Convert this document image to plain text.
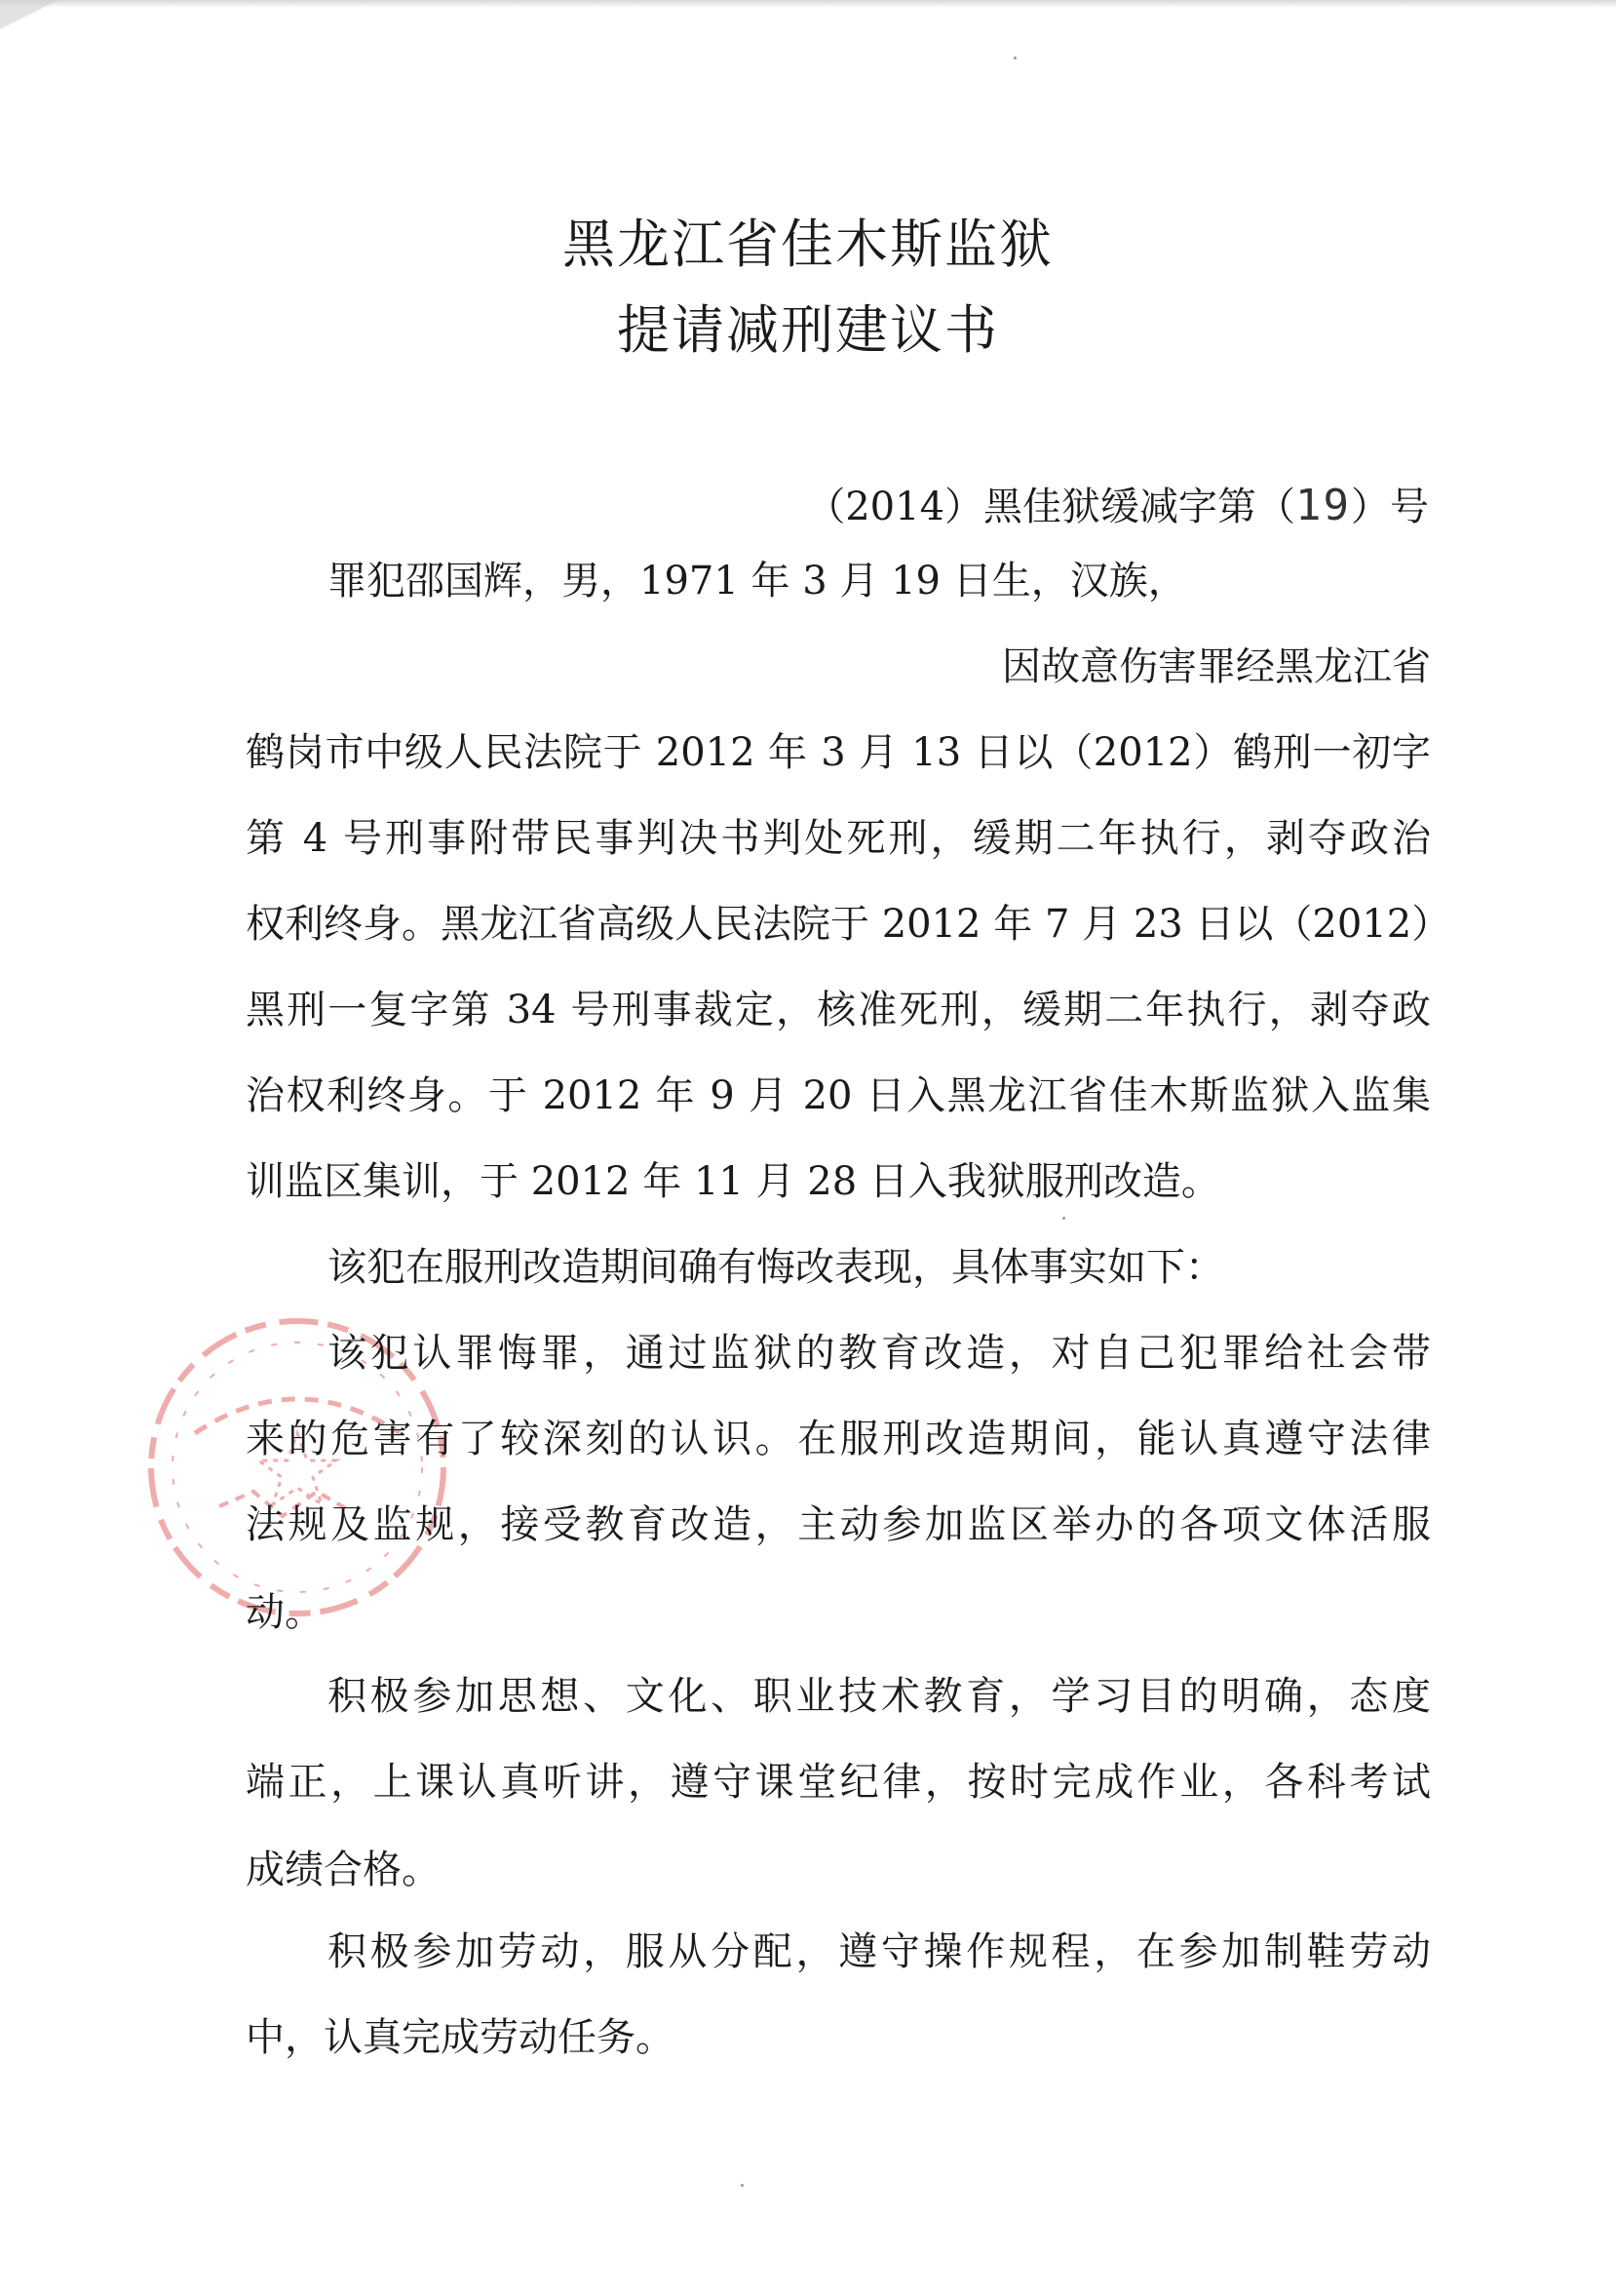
黑龙江省佳木斯监狱
提请减刑建议书
（2014）黑佳狱缓减字第（19）号
罪犯邵国辉，男，1971 年 3 月 19 日生，汉族，
因故意伤害罪经黑龙江省
鹤岗市中级人民法院于 2012 年 3 月 13 日以（2012）鹤刑一初字
第 4 号刑事附带民事判决书判处死刑，缓期二年执行，剥夺政治
权利终身。黑龙江省高级人民法院于 2012 年 7 月 23 日以（2012）
黑刑一复字第 34 号刑事裁定，核准死刑，缓期二年执行，剥夺政
治权利终身。于 2012 年 9 月 20 日入黑龙江省佳木斯监狱入监集
训监区集训，于 2012 年 11 月 28 日入我狱服刑改造。
该犯在服刑改造期间确有悔改表现，具体事实如下：
该犯认罪悔罪，通过监狱的教育改造，对自己犯罪给社会带
来的危害有了较深刻的认识。在服刑改造期间，能认真遵守法律
法规及监规，接受教育改造，主动参加监区举办的各项文体活服
动。
积极参加思想、文化、职业技术教育，学习目的明确，态度
端正，上课认真听讲，遵守课堂纪律，按时完成作业，各科考试
成绩合格。
积极参加劳动，服从分配，遵守操作规程，在参加制鞋劳动
中，认真完成劳动任务。
